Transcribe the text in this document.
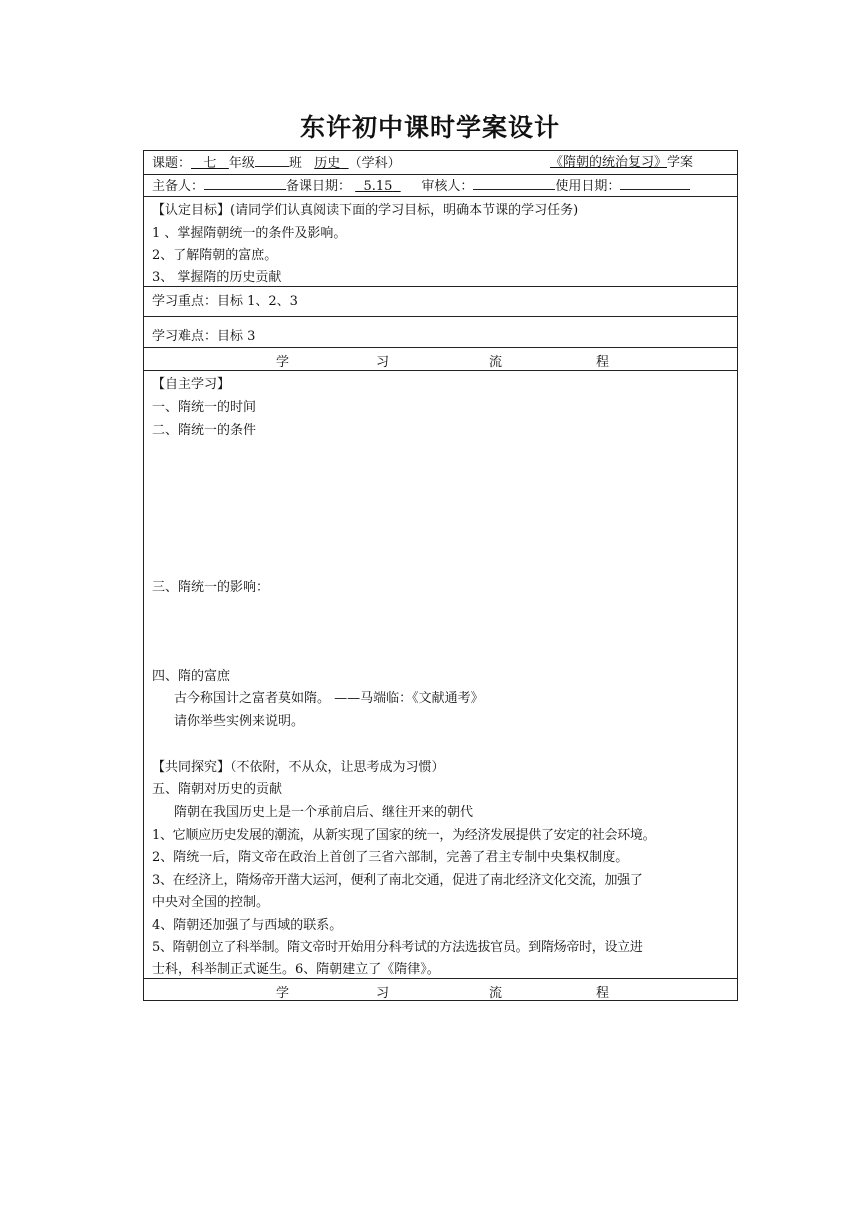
东许初中课时学案设计
课题： 七 年级	班 历史 （学科）	《隋朝的统治复习》学案
主备人：	备课日期： 5.15 审核人：	使用日期：
【认定目标】(请同学们认真阅读下面的学习目标，明确本节课的学习任务)
1 、掌握隋朝统一的条件及影响。
2、了解隋朝的富庶。
3、 掌握隋的历史贡献
学习重点：目标 1、2、3
学习难点：目标 3
学	习	流	程
【自主学习】
一、隋统一的时间
二、隋统一的条件
三、隋统一的影响：
四、隋的富庶
古今称国计之富者莫如隋。 ——马端临：《文献通考》
请你举些实例来说明。
【共同探究】（不依附，不从众，让思考成为习惯）
五、隋朝对历史的贡献
隋朝在我国历史上是一个承前启后、继往开来的朝代
1、它顺应历史发展的潮流，从新实现了国家的统一，为经济发展提供了安定的社会环境。
2、隋统一后，隋文帝在政治上首创了三省六部制，完善了君主专制中央集权制度。
3、在经济上，隋炀帝开凿大运河，便利了南北交通，促进了南北经济文化交流，加强了
中央对全国的控制。
4、隋朝还加强了与西域的联系。
5、隋朝创立了科举制。隋文帝时开始用分科考试的方法选拔官员。到隋炀帝时，设立进
士科，科举制正式诞生。6、隋朝建立了《隋律》。
学	习	流	程
